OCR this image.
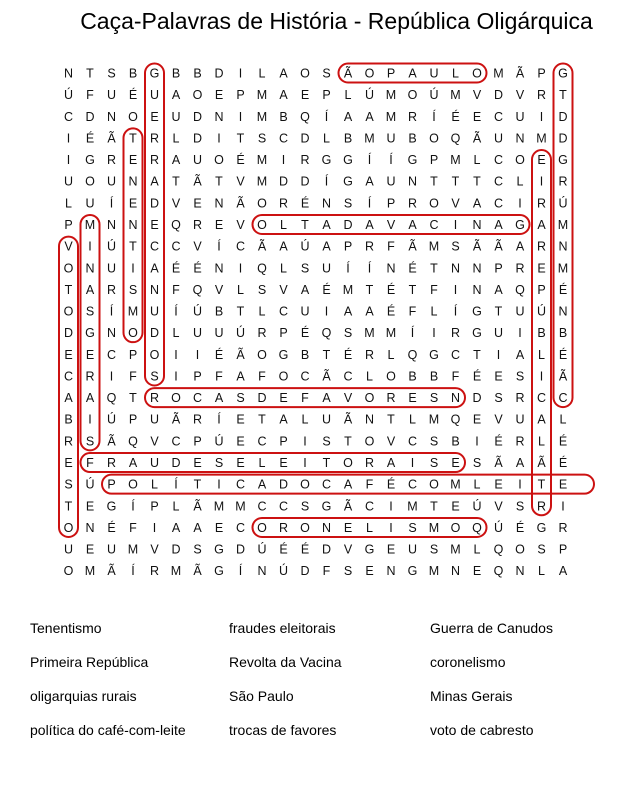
Caça-Palavras de História - República Oligárquica
N T S B G B B D I L A O S Ã O P A U L O M Ã P G
Ú F U É U A O E P M A E P L Ú M O Ú M V D V R T
C D N O E U D N I M B Q Í A A M R Í É E C U I D
I É Ã T R L D I T S C D L B M U B O Q Ã U N M D
I G R E R A U O É M I R G G Í Í G P M L C O E G
U O U N A T Ã T V M D D Í G A U N T T T C L I R
L U Í E D V E N Ã O R É N S Í P R O V A C I R Ú
P M N N E Q R E V O L T A D A V A C I N A G A M
V I Ú T C C V Í C Ã A Ú A P R F Ã M S Ã Ã A R N
O N U I A É É N I Q L S U Í Í N É T N N P R E M
T A R S N F Q V L S V A É M T É T F I N A Q P É
O S Í M U Í Ú B T L C U I A A É F L Í G T U Ú N
D G N O D L U U Ú R P É Q S M M Í I R G U I B B
E E C P O I I É Ã O G B T É R L Q G C T I A L É
C R I F S I P F A F O C Ã C L O B B F É E S I Ã
A A Q T R O C A S D E F A V O R E S N D S R C C
B I Ú P U Ã R Í E T A L U Ã N T L M Q E V U A L
R S Ã Q V C P Ú E C P I S T O V C S B I É R L É
E F R A U D E S E L E I T O R A I S E S Ã A Ã É
S Ú P O L Í T I C A D O C A F É C O M L E I T E
T E G Í P L Ã M M C C S G Ã C I M T E Ú V S R I
O N É F I A A E C O R O N E L I S M O Q Ú É G R
U E U M V D S G D Ú É É D V G E U S M L Q O S P
O M Ã Í R M Ã G Í N Ú D F S E N G M N E Q N L A
Tenentismo	fraudes eleitorais	Guerra de Canudos
Primeira República	Revolta da Vacina	coronelismo
oligarquias rurais	São Paulo	Minas Gerais
política do café-com-leite	trocas de favores	voto de cabresto
